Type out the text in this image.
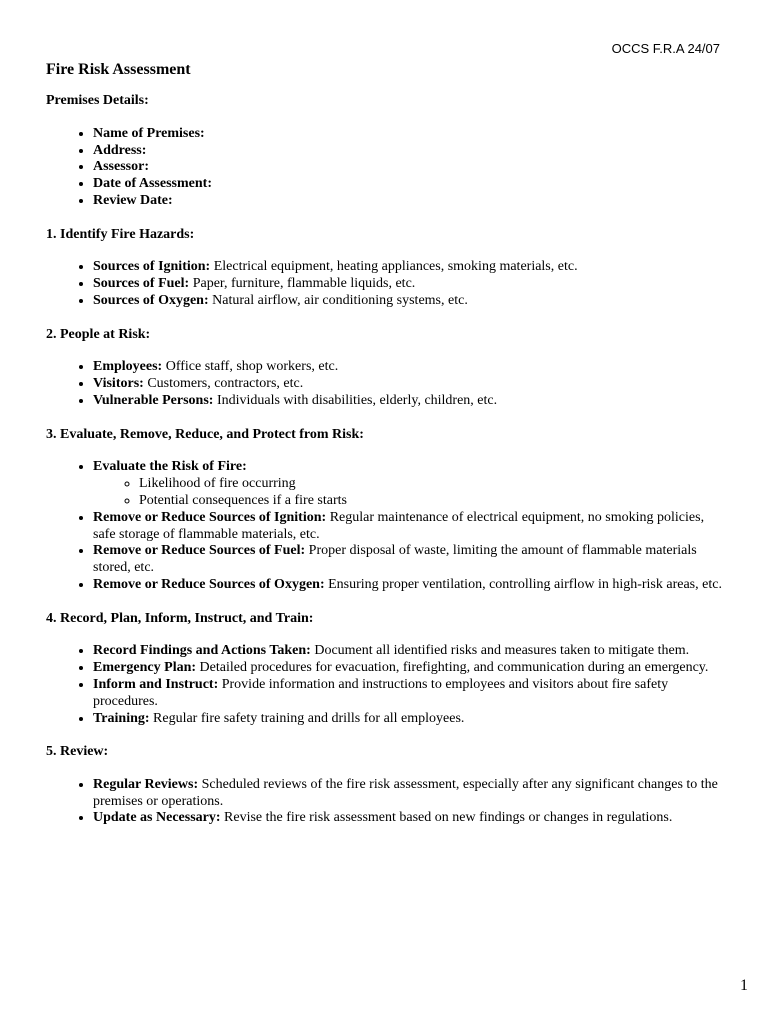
OCCS F.R.A 24/07
Fire Risk Assessment
Premises Details:
• Name of Premises:
• Address:
• Assessor:
• Date of Assessment:
• Review Date:
1. Identify Fire Hazards:
• Sources of Ignition: Electrical equipment, heating appliances, smoking materials, etc.
• Sources of Fuel: Paper, furniture, flammable liquids, etc.
• Sources of Oxygen: Natural airflow, air conditioning systems, etc.
2. People at Risk:
• Employees: Office staff, shop workers, etc.
• Visitors: Customers, contractors, etc.
• Vulnerable Persons: Individuals with disabilities, elderly, children, etc.
3. Evaluate, Remove, Reduce, and Protect from Risk:
• Evaluate the Risk of Fire:
◦ Likelihood of fire occurring
◦ Potential consequences if a fire starts
• Remove or Reduce Sources of Ignition: Regular maintenance of electrical equipment, no smoking policies, safe storage of flammable materials, etc.
• Remove or Reduce Sources of Fuel: Proper disposal of waste, limiting the amount of flammable materials stored, etc.
• Remove or Reduce Sources of Oxygen: Ensuring proper ventilation, controlling airflow in high-risk areas, etc.
4. Record, Plan, Inform, Instruct, and Train:
• Record Findings and Actions Taken: Document all identified risks and measures taken to mitigate them.
• Emergency Plan: Detailed procedures for evacuation, firefighting, and communication during an emergency.
• Inform and Instruct: Provide information and instructions to employees and visitors about fire safety procedures.
• Training: Regular fire safety training and drills for all employees.
5. Review:
• Regular Reviews: Scheduled reviews of the fire risk assessment, especially after any significant changes to the premises or operations.
• Update as Necessary: Revise the fire risk assessment based on new findings or changes in regulations.
1
